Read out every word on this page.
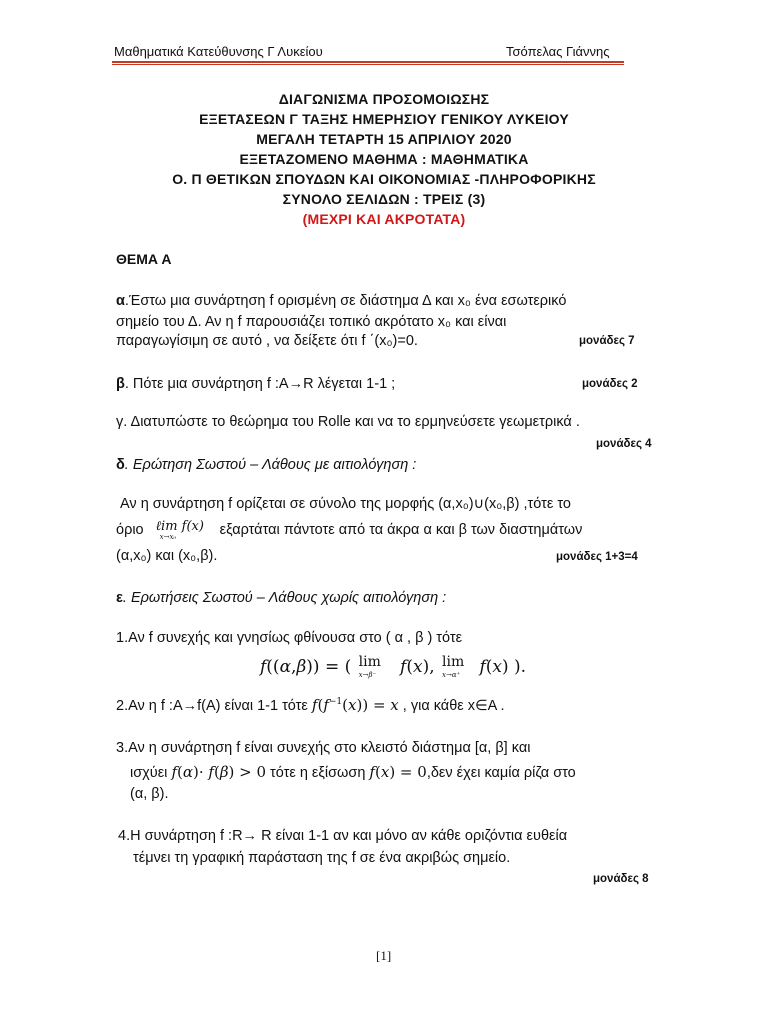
Μαθηματικά Κατεύθυνσης Γ Λυκείου	Τσόπελας Γιάννης
ΔΙΑΓΩΝΙΣΜΑ ΠΡΟΣΟΜΟΙΩΣΗΣ
ΕΞΕΤΑΣΕΩΝ Γ ΤΑΞΗΣ ΗΜΕΡΗΣΙΟΥ ΓΕΝΙΚΟΥ ΛΥΚΕΙΟΥ
ΜΕΓΑΛΗ ΤΕΤΑΡΤΗ 15 ΑΠΡΙΛΙΟΥ 2020
ΕΞΕΤΑΖΟΜΕΝΟ ΜΑΘΗΜΑ : ΜΑΘΗΜΑΤΙΚΑ
Ο. Π ΘΕΤΙΚΩΝ ΣΠΟΥΔΩΝ ΚΑΙ ΟΙΚΟΝΟΜΙΑΣ -ΠΛΗΡΟΦΟΡΙΚΗΣ
ΣΥΝΟΛΟ ΣΕΛΙΔΩΝ : ΤΡΕΙΣ (3)
(ΜΕΧΡΙ ΚΑΙ ΑΚΡΟΤΑΤΑ)
ΘΕΜΑ Α
α.Έστω μια συνάρτηση f ορισμένη σε διάστημα Δ και x₀ ένα εσωτερικό
σημείο του Δ. Αν η f παρουσιάζει τοπικό ακρότατο x₀ και είναι
παραγωγίσιμη σε αυτό , να δείξετε ότι f ΄(x₀)=0.	μονάδες 7
β. Πότε μια συνάρτηση f :Α→R λέγεται 1-1 ;	μονάδες 2
γ. Διατυπώστε το θεώρημα του Rolle και να το ερμηνεύσετε γεωμετρικά .
μονάδες 4
δ. Ερώτηση Σωστού – Λάθους με αιτιολόγηση :
Αν η συνάρτηση f ορίζεται σε σύνολο της μορφής (α,x₀)∪(x₀,β) ,τότε το
όριο ℓim f(x)
x→x₀	εξαρτάται πάντοτε από τα άκρα α και β των διαστημάτων
(α,x₀) και (x₀,β).	μονάδες 1+3=4
ε. Ερωτήσεις Σωστού – Λάθους χωρίς αιτιολόγηση :
1.Αν f συνεχής και γνησίως φθίνουσα στο ( α , β ) τότε
f((α,β)) = ( lim
x→β⁻ f(x), lim
x→α⁺ f(x) ).
2.Αν η f :Α→f(Α) είναι 1-1 τότε $f(f^{-1}(x)) = x$ , για κάθε x∈Α .
3.Αν η συνάρτηση f είναι συνεχής στο κλειστό διάστημα [α, β] και
ισχύει f(α)· f(β) > 0 τότε η εξίσωση f(x) = 0,δεν έχει καμία ρίζα στο
(α, β).
4.Η συνάρτηση f :R→ R είναι 1-1 αν και μόνο αν κάθε οριζόντια ευθεία
τέμνει τη γραφική παράσταση της f σε ένα ακριβώς σημείο.
μονάδες 8
[1]
